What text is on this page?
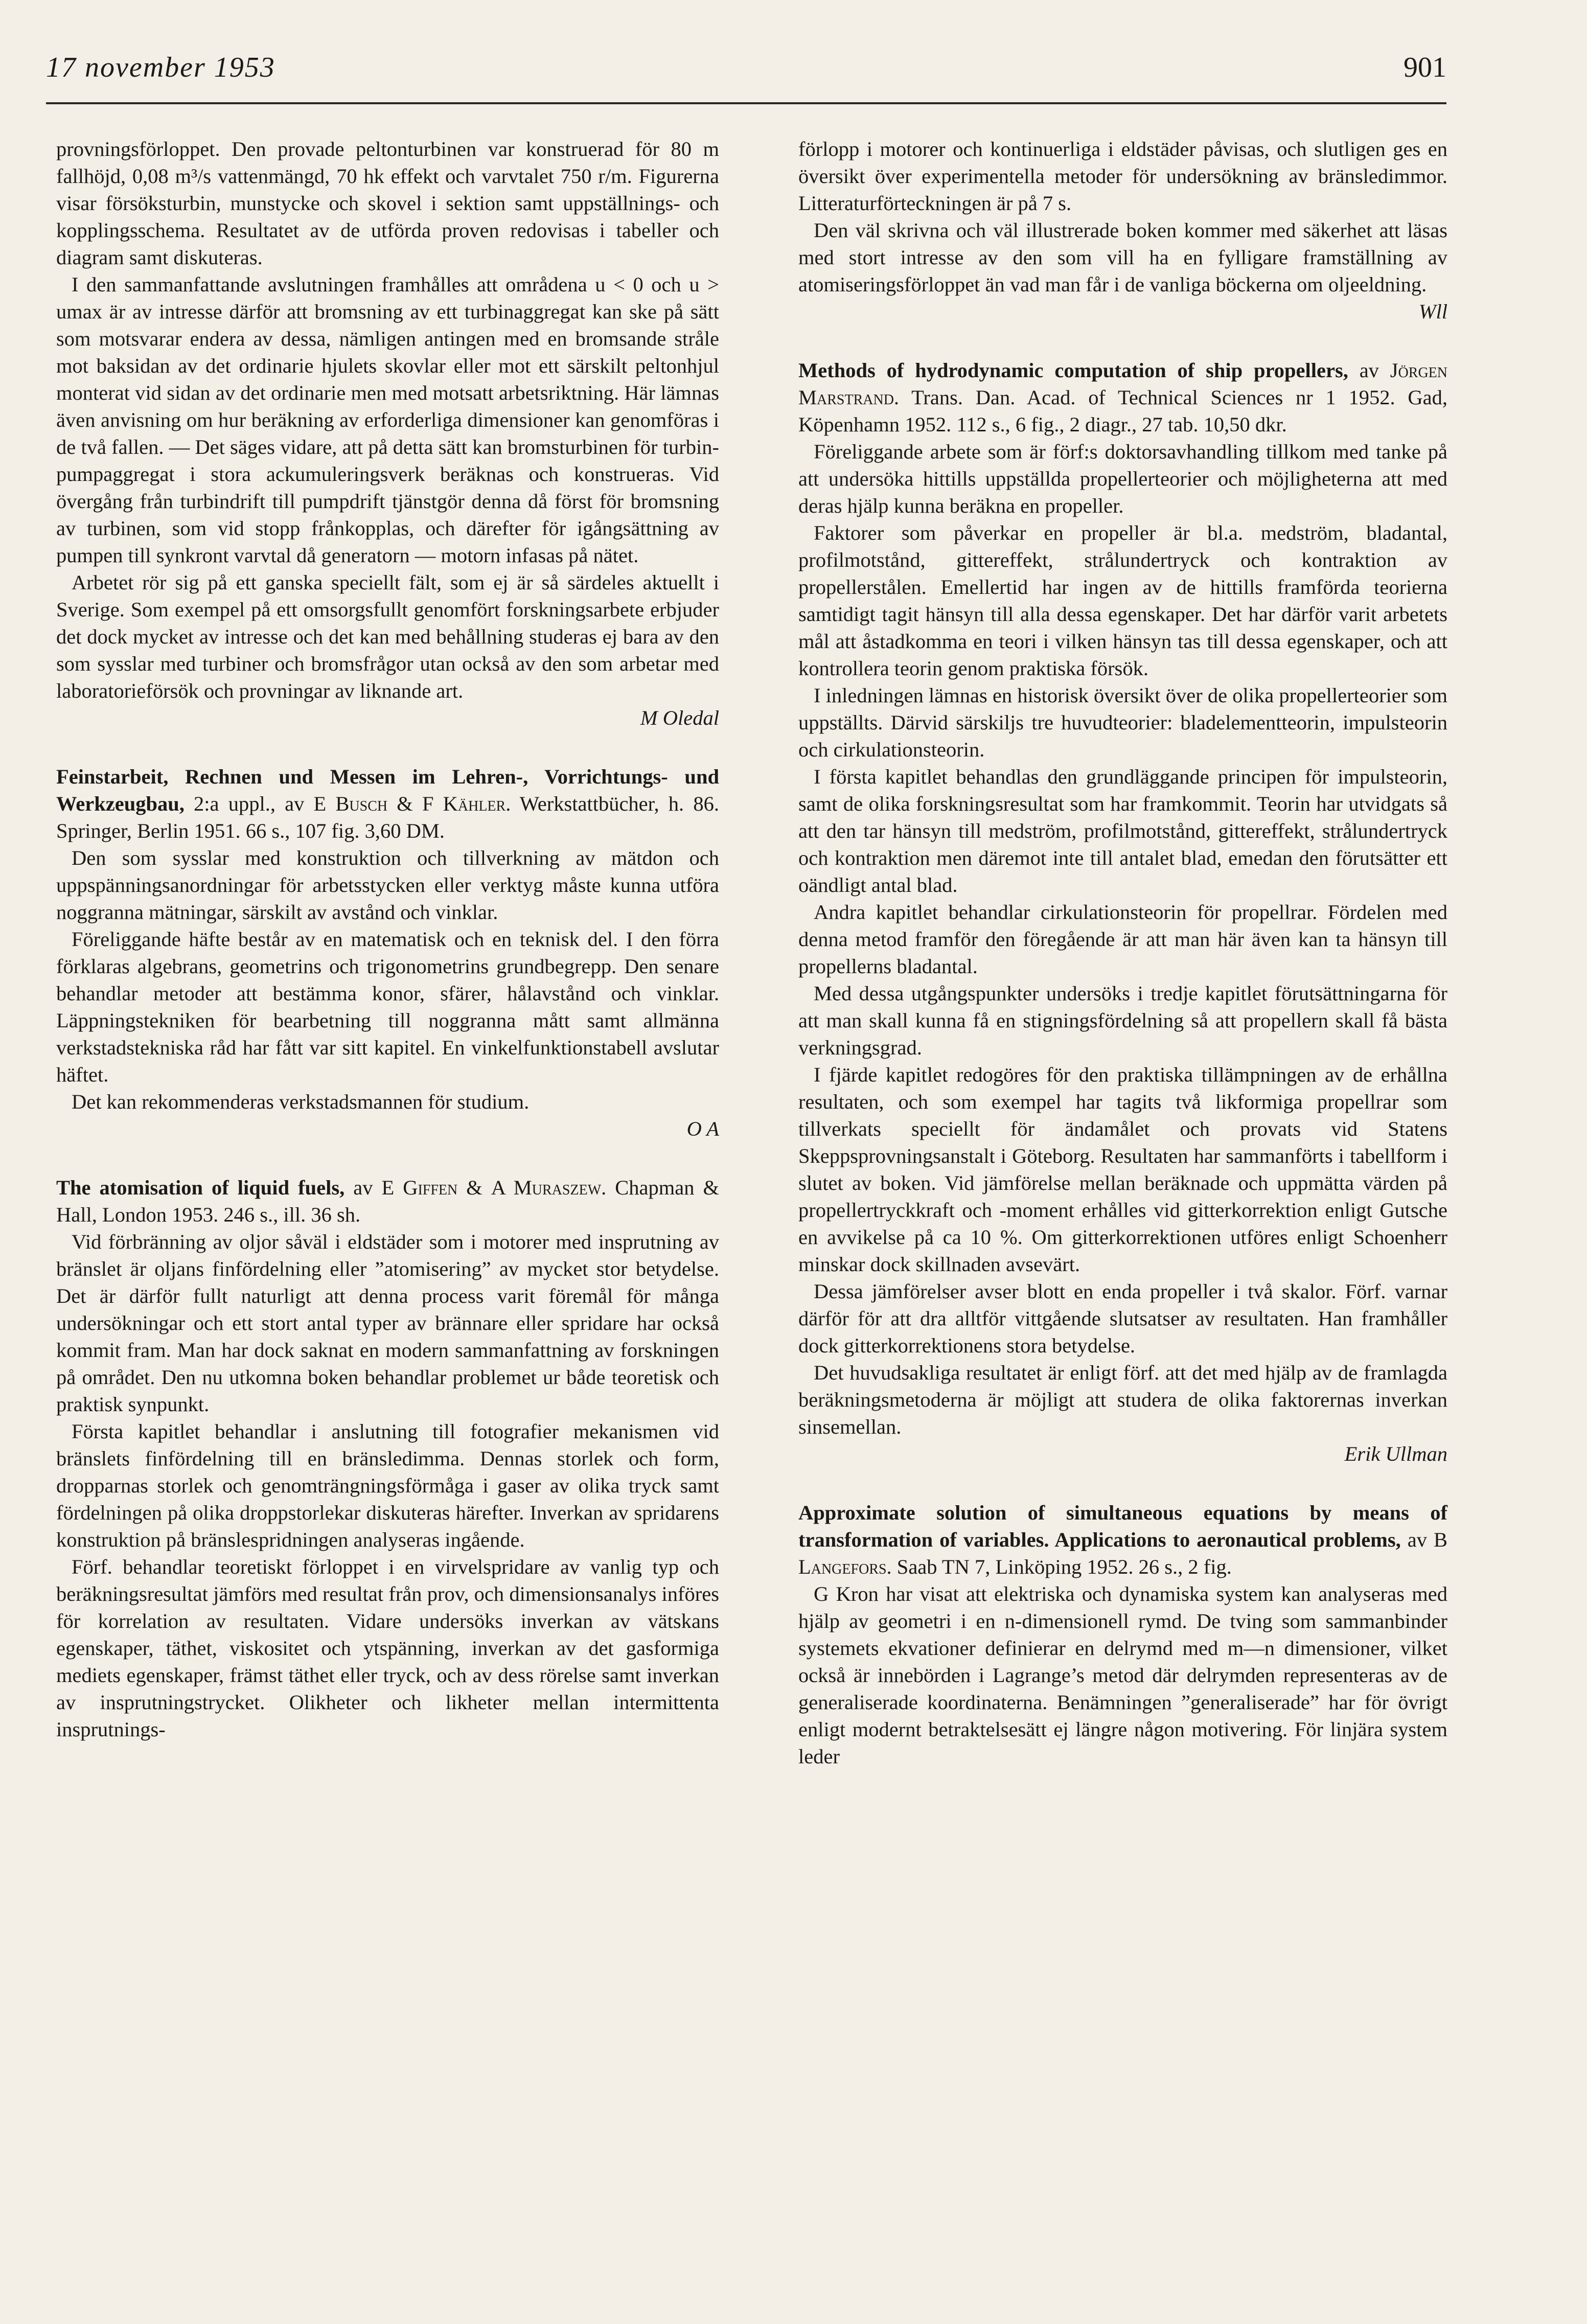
17 november 1953	901

provningsförloppet. Den provade peltonturbinen var konstruerad för 80 m fallhöjd, 0,08 m³/s vattenmängd, 70 hk effekt och varvtalet 750 r/m. Figurerna visar försöksturbin, munstycke och skovel i sektion samt uppställnings- och kopplingsschema. Resultatet av de utförda proven redovisas i tabeller och diagram samt diskuteras.

I den sammanfattande avslutningen framhålles att områdena u < 0 och u > umax är av intresse därför att bromsning av ett turbinaggregat kan ske på sätt som motsvarar endera av dessa, nämligen antingen med en bromsande stråle mot baksidan av det ordinarie hjulets skovlar eller mot ett särskilt peltonhjul monterat vid sidan av det ordinarie men med motsatt arbetsriktning. Här lämnas även anvisning om hur beräkning av erforderliga dimensioner kan genomföras i de två fallen. — Det säges vidare, att på detta sätt kan bromsturbinen för turbin-pumpaggregat i stora ackumuleringsverk beräknas och konstrueras. Vid övergång från turbindrift till pumpdrift tjänstgör denna då först för bromsning av turbinen, som vid stopp frånkopplas, och därefter för igångsättning av pumpen till synkront varvtal då generatorn — motorn infasas på nätet.

Arbetet rör sig på ett ganska speciellt fält, som ej är så särdeles aktuellt i Sverige. Som exempel på ett omsorgsfullt genomfört forskningsarbete erbjuder det dock mycket av intresse och det kan med behållning studeras ej bara av den som sysslar med turbiner och bromsfrågor utan också av den som arbetar med laboratorieförsök och provningar av liknande art.

M Oledal

Feinstarbeit, Rechnen und Messen im Lehren-, Vorrichtungs- und Werkzeugbau, 2:a uppl., av E Busch & F Kähler. Werkstattbücher, h. 86. Springer, Berlin 1951. 66 s., 107 fig. 3,60 DM.

Den som sysslar med konstruktion och tillverkning av mätdon och uppspänningsanordningar för arbetsstycken eller verktyg måste kunna utföra noggranna mätningar, särskilt av avstånd och vinklar.

Föreliggande häfte består av en matematisk och en teknisk del. I den förra förklaras algebrans, geometrins och trigonometrins grundbegrepp. Den senare behandlar metoder att bestämma konor, sfärer, hålavstånd och vinklar. Läppningstekniken för bearbetning till noggranna mått samt allmänna verkstadstekniska råd har fått var sitt kapitel. En vinkelfunktionstabell avslutar häftet.

Det kan rekommenderas verkstadsmannen för studium.

O A

The atomisation of liquid fuels, av E Giffen & A Muraszew. Chapman & Hall, London 1953. 246 s., ill. 36 sh.

Vid förbränning av oljor såväl i eldstäder som i motorer med insprutning av bränslet är oljans finfördelning eller ”atomisering” av mycket stor betydelse. Det är därför fullt naturligt att denna process varit föremål för många undersökningar och ett stort antal typer av brännare eller spridare har också kommit fram. Man har dock saknat en modern sammanfattning av forskningen på området. Den nu utkomna boken behandlar problemet ur både teoretisk och praktisk synpunkt.

Första kapitlet behandlar i anslutning till fotografier mekanismen vid bränslets finfördelning till en bränsledimma. Dennas storlek och form, dropparnas storlek och genomträngningsförmåga i gaser av olika tryck samt fördelningen på olika droppstorlekar diskuteras härefter. Inverkan av spridarens konstruktion på bränslespridningen analyseras ingående.

Förf. behandlar teoretiskt förloppet i en virvelspridare av vanlig typ och beräkningsresultat jämförs med resultat från prov, och dimensionsanalys införes för korrelation av resultaten. Vidare undersöks inverkan av vätskans egenskaper, täthet, viskositet och ytspänning, inverkan av det gasformiga mediets egenskaper, främst täthet eller tryck, och av dess rörelse samt inverkan av insprutningstrycket. Olikheter och likheter mellan intermittenta insprutnings-

förlopp i motorer och kontinuerliga i eldstäder påvisas, och slutligen ges en översikt över experimentella metoder för undersökning av bränsledimmor. Litteraturförteckningen är på 7 s.

Den väl skrivna och väl illustrerade boken kommer med säkerhet att läsas med stort intresse av den som vill ha en fylligare framställning av atomiseringsförloppet än vad man får i de vanliga böckerna om oljeeldning.

Wll

Methods of hydrodynamic computation of ship propellers, av Jörgen Marstrand. Trans. Dan. Acad. of Technical Sciences nr 1 1952. Gad, Köpenhamn 1952. 112 s., 6 fig., 2 diagr., 27 tab. 10,50 dkr.

Föreliggande arbete som är förf:s doktorsavhandling tillkom med tanke på att undersöka hittills uppställda propellerteorier och möjligheterna att med deras hjälp kunna beräkna en propeller.

Faktorer som påverkar en propeller är bl.a. medström, bladantal, profilmotstånd, gittereffekt, strålundertryck och kontraktion av propellerstålen. Emellertid har ingen av de hittills framförda teorierna samtidigt tagit hänsyn till alla dessa egenskaper. Det har därför varit arbetets mål att åstadkomma en teori i vilken hänsyn tas till dessa egenskaper, och att kontrollera teorin genom praktiska försök.

I inledningen lämnas en historisk översikt över de olika propellerteorier som uppställts. Därvid särskiljs tre huvudteorier: bladelementteorin, impulsteorin och cirkulationsteorin.

I första kapitlet behandlas den grundläggande principen för impulsteorin, samt de olika forskningsresultat som har framkommit. Teorin har utvidgats så att den tar hänsyn till medström, profilmotstånd, gittereffekt, strålundertryck och kontraktion men däremot inte till antalet blad, emedan den förutsätter ett oändligt antal blad.

Andra kapitlet behandlar cirkulationsteorin för propellrar. Fördelen med denna metod framför den föregående är att man här även kan ta hänsyn till propellerns bladantal.

Med dessa utgångspunkter undersöks i tredje kapitlet förutsättningarna för att man skall kunna få en stigningsfördelning så att propellern skall få bästa verkningsgrad.

I fjärde kapitlet redogöres för den praktiska tillämpningen av de erhållna resultaten, och som exempel har tagits två likformiga propellrar som tillverkats speciellt för ändamålet och provats vid Statens Skeppsprovningsanstalt i Göteborg. Resultaten har sammanförts i tabellform i slutet av boken. Vid jämförelse mellan beräknade och uppmätta värden på propellertryckkraft och -moment erhålles vid gitterkorrektion enligt Gutsche en avvikelse på ca 10 %. Om gitterkorrektionen utföres enligt Schoenherr minskar dock skillnaden avsevärt.

Dessa jämförelser avser blott en enda propeller i två skalor. Förf. varnar därför för att dra alltför vittgående slutsatser av resultaten. Han framhåller dock gitterkorrektionens stora betydelse.

Det huvudsakliga resultatet är enligt förf. att det med hjälp av de framlagda beräkningsmetoderna är möjligt att studera de olika faktorernas inverkan sinsemellan.

Erik Ullman

Approximate solution of simultaneous equations by means of transformation of variables. Applications to aeronautical problems, av B Langefors. Saab TN 7, Linköping 1952. 26 s., 2 fig.

G Kron har visat att elektriska och dynamiska system kan analyseras med hjälp av geometri i en n-dimensionell rymd. De tving som sammanbinder systemets ekvationer definierar en delrymd med m—n dimensioner, vilket också är innebörden i Lagrange’s metod där delrymden representeras av de generaliserade koordinaterna. Benämningen ”generaliserade” har för övrigt enligt modernt betraktelsesätt ej längre någon motivering. För linjära system leder
